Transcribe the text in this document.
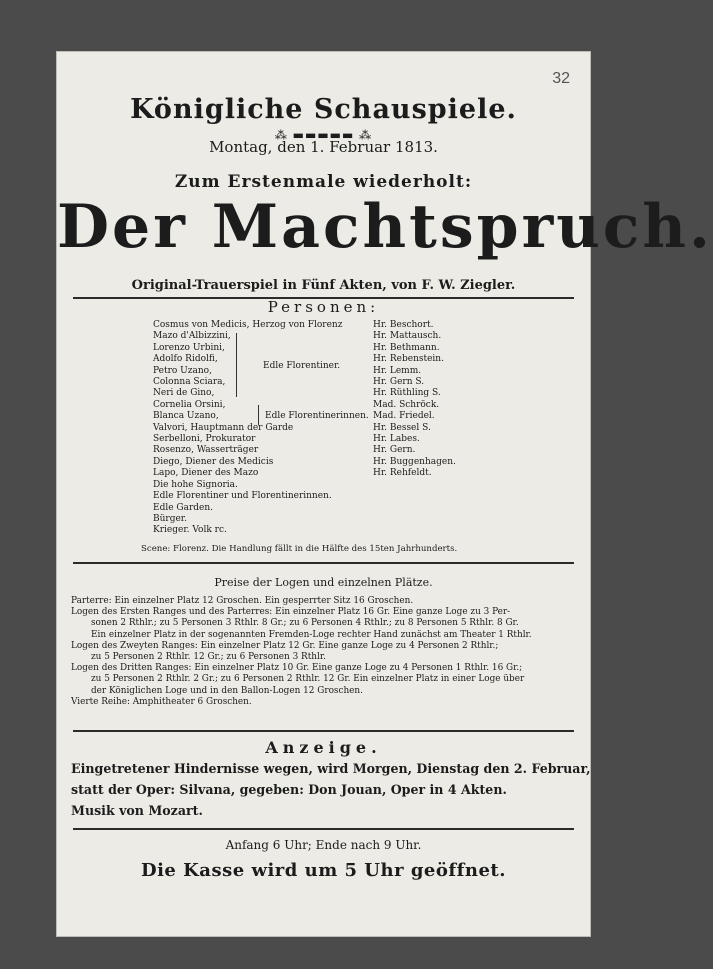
32
Königliche Schauspiele.
⁂ ▬▬▬▬▬ ⁂
Montag, den 1. Februar 1813.
Zum Erstenmale wiederholt:
Der Machtspruch.
Original-Trauerspiel in Fünf Akten, von F. W. Ziegler.
Personen:
Cosmus von Medicis, Herzog von Florenz
Mazo d'Albizzini,
Lorenzo Urbini,
Adolfo Ridolfi,
Petro Uzano,
Colonna Sciara,
Neri de Gino,
Cornelia Orsini,
Blanca Uzano,
Valvori, Hauptmann der Garde
Serbelloni, Prokurator
Rosenzo, Wasserträger
Diego, Diener des Medicis
Lapo, Diener des Mazo
Die hohe Signoria.
Edle Florentiner und Florentinerinnen.
Edle Garden.
Bürger.
Krieger. Volk rc.
Edle Florentiner.
Edle Florentinerinnen.
Hr. Beschort.
Hr. Mattausch.
Hr. Bethmann.
Hr. Rebenstein.
Hr. Lemm.
Hr. Gern S.
Hr. Rüthling S.
Mad. Schröck.
Mad. Friedel.
Hr. Bessel S.
Hr. Labes.
Hr. Gern.
Hr. Buggenhagen.
Hr. Rehfeldt.
Scene: Florenz. Die Handlung fällt in die Hälfte des 15ten Jahrhunderts.
Preise der Logen und einzelnen Plätze.
Parterre: Ein einzelner Platz 12 Groschen. Ein gesperrter Sitz 16 Groschen.
Logen des Ersten Ranges und des Parterres: Ein einzelner Platz 16 Gr. Eine ganze Loge zu 3 Per-
sonen 2 Rthlr.; zu 5 Personen 3 Rthlr. 8 Gr.; zu 6 Personen 4 Rthlr.; zu 8 Personen 5 Rthlr. 8 Gr.
Ein einzelner Platz in der sogenannten Fremden-Loge rechter Hand zunächst am Theater 1 Rthlr.
Logen des Zweyten Ranges: Ein einzelner Platz 12 Gr. Eine ganze Loge zu 4 Personen 2 Rthlr.;
zu 5 Personen 2 Rthlr. 12 Gr.; zu 6 Personen 3 Rthlr.
Logen des Dritten Ranges: Ein einzelner Platz 10 Gr. Eine ganze Loge zu 4 Personen 1 Rthlr. 16 Gr.;
zu 5 Personen 2 Rthlr. 2 Gr.; zu 6 Personen 2 Rthlr. 12 Gr. Ein einzelner Platz in einer Loge über
der Königlichen Loge und in den Ballon-Logen 12 Groschen.
Vierte Reihe: Amphitheater 6 Groschen.
Anzeige.
Eingetretener Hindernisse wegen, wird Morgen, Dienstag den 2. Februar,
statt der Oper: Silvana, gegeben: Don Jouan, Oper in 4 Akten.
Musik von Mozart.
Anfang 6 Uhr; Ende nach 9 Uhr.
Die Kasse wird um 5 Uhr geöffnet.
